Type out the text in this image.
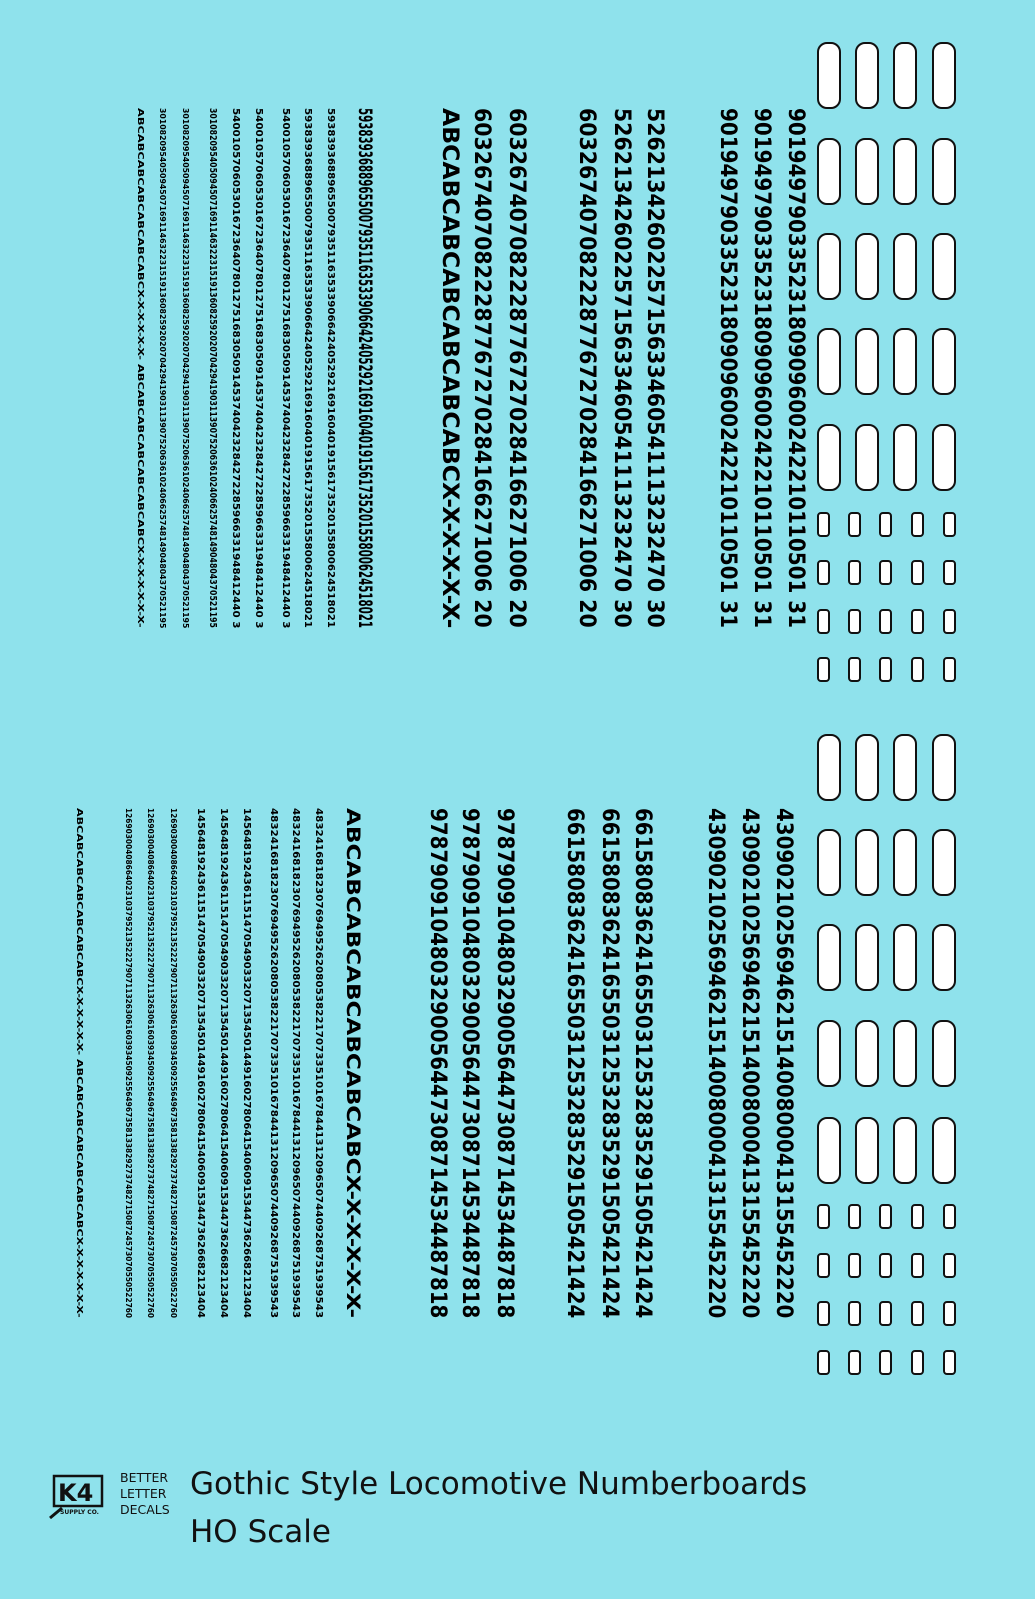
90194979033523180909600242210110501 31
90194979033523180909600242210110501 31
90194979033523180909600242210110501 31
5262134260225715633460541113232470 30
5262134260225715633460541113232470 30
6032674070822287767270284166271006 20
6032674070822287767270284166271006 20
6032674070822287767270284166271006 20
ABCABCABCABCABCABCABCX-X-X-X-X-X-
5938393688965500793511635339066424052921691604019156173520155800624518021
5938393688965500793511635339066424052921691604019156173520155800624518021
5938393688965500793511635339066424052921691604019156173520155800624518021
54001057060530167236407801275168305091453740423284272285966331948412440 3
54001057060530167236407801275168305091453740423284272285966331948412440 3
54001057060530167236407801275168305091453740423284272285966331948412440 3
301082095405094507169114632231519136082592020704294190311390752063610240662574814904804370521195
301082095405094507169114632231519136082592020704294190311390752063610240662574814904804370521195
301082095405094507169114632231519136082592020704294190311390752063610240662574814904804370521195
ABCABCABCABCABCABCABCX-X-X-X-X-X- ABCABCABCABCABCABCABCX-X-X-X-X-X-X-
4309021025694621514008000413155452220
4309021025694621514008000413155452220
4309021025694621514008000413155452220
6615808362416550312532835291505421424
6615808362416550312532835291505421424
6615808362416550312532835291505421424
9787909104803290056447308714534487818
9787909104803290056447308714534487818
9787909104803290056447308714534487818
ABCABCABCABCABCABCABCX-X-X-X-X-X-
48324168182307694952620805382217073351016784413120965074409268751939543
48324168182307694952620805382217073351016784413120965074409268751939543
48324168182307694952620805382217073351016784413120965074409268751939543
1456481924361151470549033207135450144916027806415406091534473626682123404
1456481924361151470549033207135450144916027806415406091534473626682123404
1456481924361151470549033207135450144916027806415406091534473626682123404
126903004086640231037952135222790711326306160393450925564967358133829273748271508724573070550522760
126903004086640231037952135222790711326306160393450925564967358133829273748271508724573070550522760
126903004086640231037952135222790711326306160393450925564967358133829273748271508724573070550522760
ABCABCABCABCABCABCABCX-X-X-X-X-X- ABCABCABCABCABCABCABCX-X-X-X-X-X-X-
K4
SUPPLY CO.
BETTER
LETTER
DECALS
Gothic Style Locomotive Numberboards
HO Scale
